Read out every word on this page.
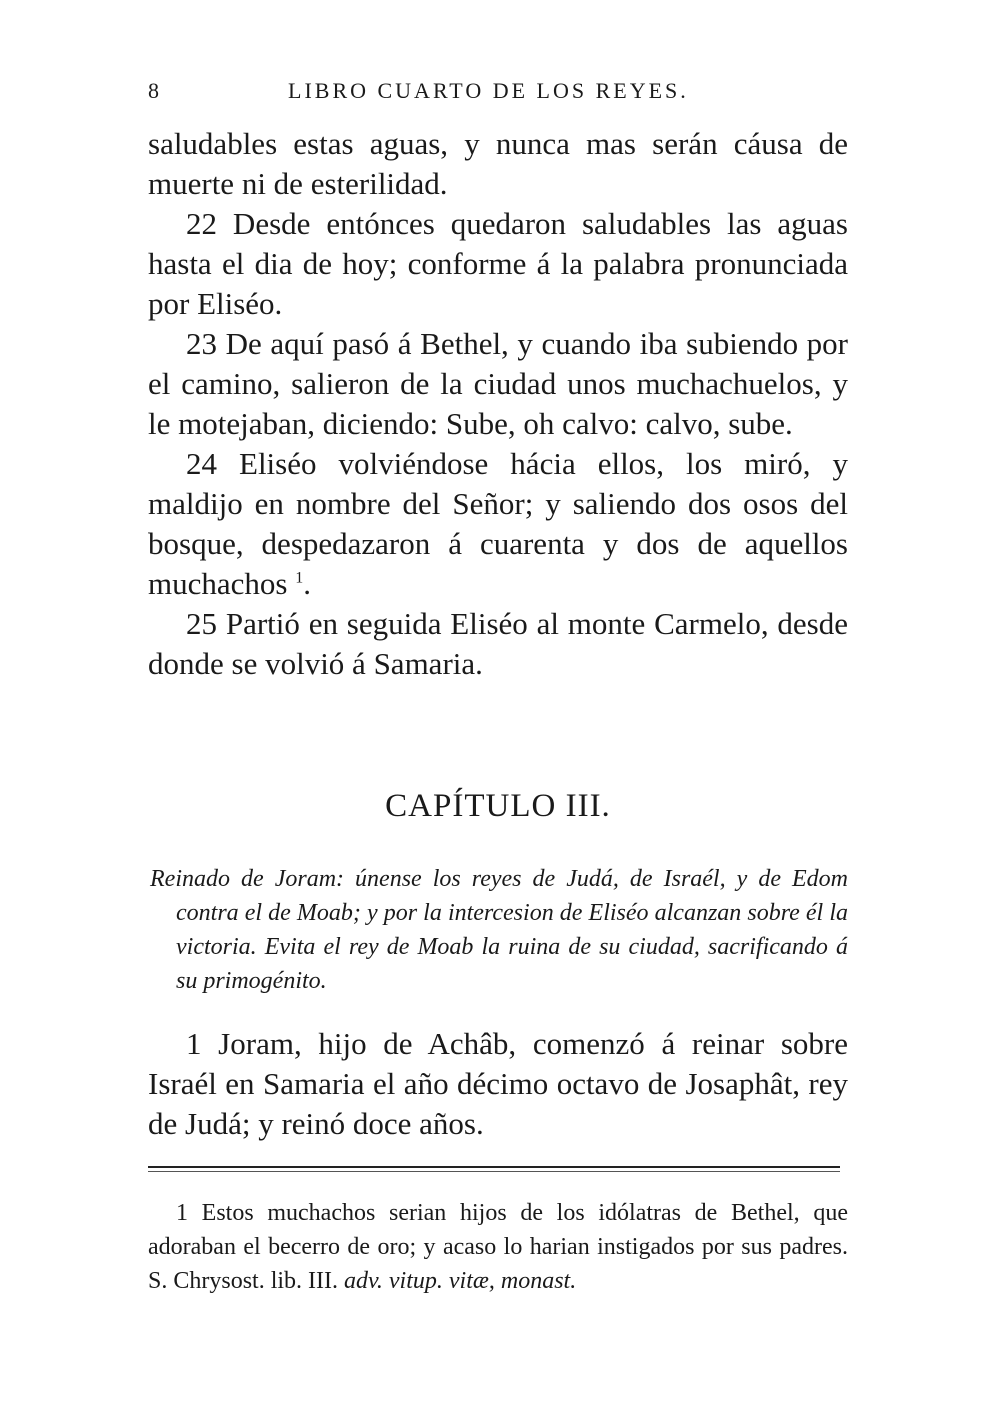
8	LIBRO CUARTO DE LOS REYES.

saludables estas aguas, y nunca mas serán cáusa de muerte ni de esterilidad.

22 Desde entónces quedaron saludables las aguas hasta el dia de hoy; conforme á la palabra pronunciada por Eliséo.

23 De aquí pasó á Bethel, y cuando iba subiendo por el camino, salieron de la ciudad unos muchachuelos, y le motejaban, diciendo: Sube, oh calvo: calvo, sube.

24 Eliséo volviéndose hácia ellos, los miró, y maldijo en nombre del Señor; y saliendo dos osos del bosque, despedazaron á cuarenta y dos de aquellos muchachos $^1$.

25 Partió en seguida Eliséo al monte Carmelo, desde donde se volvió á Samaria.

CAPÍTULO III.

Reinado de Joram: únense los reyes de Judá, de Israél, y de Edom contra el de Moab; y por la intercesion de Eliséo alcanzan sobre él la victoria. Evita el rey de Moab la ruina de su ciudad, sacrificando á su primogénito.

1 Joram, hijo de Achâb, comenzó á reinar sobre Israél en Samaria el año décimo octavo de Josaphât, rey de Judá; y reinó doce años.

1 Estos muchachos serian hijos de los idólatras de Bethel, que adoraban el becerro de oro; y acaso lo harian instigados por sus padres. S. Chrysost. lib. III. adv. vitup. vitæ, monast.
